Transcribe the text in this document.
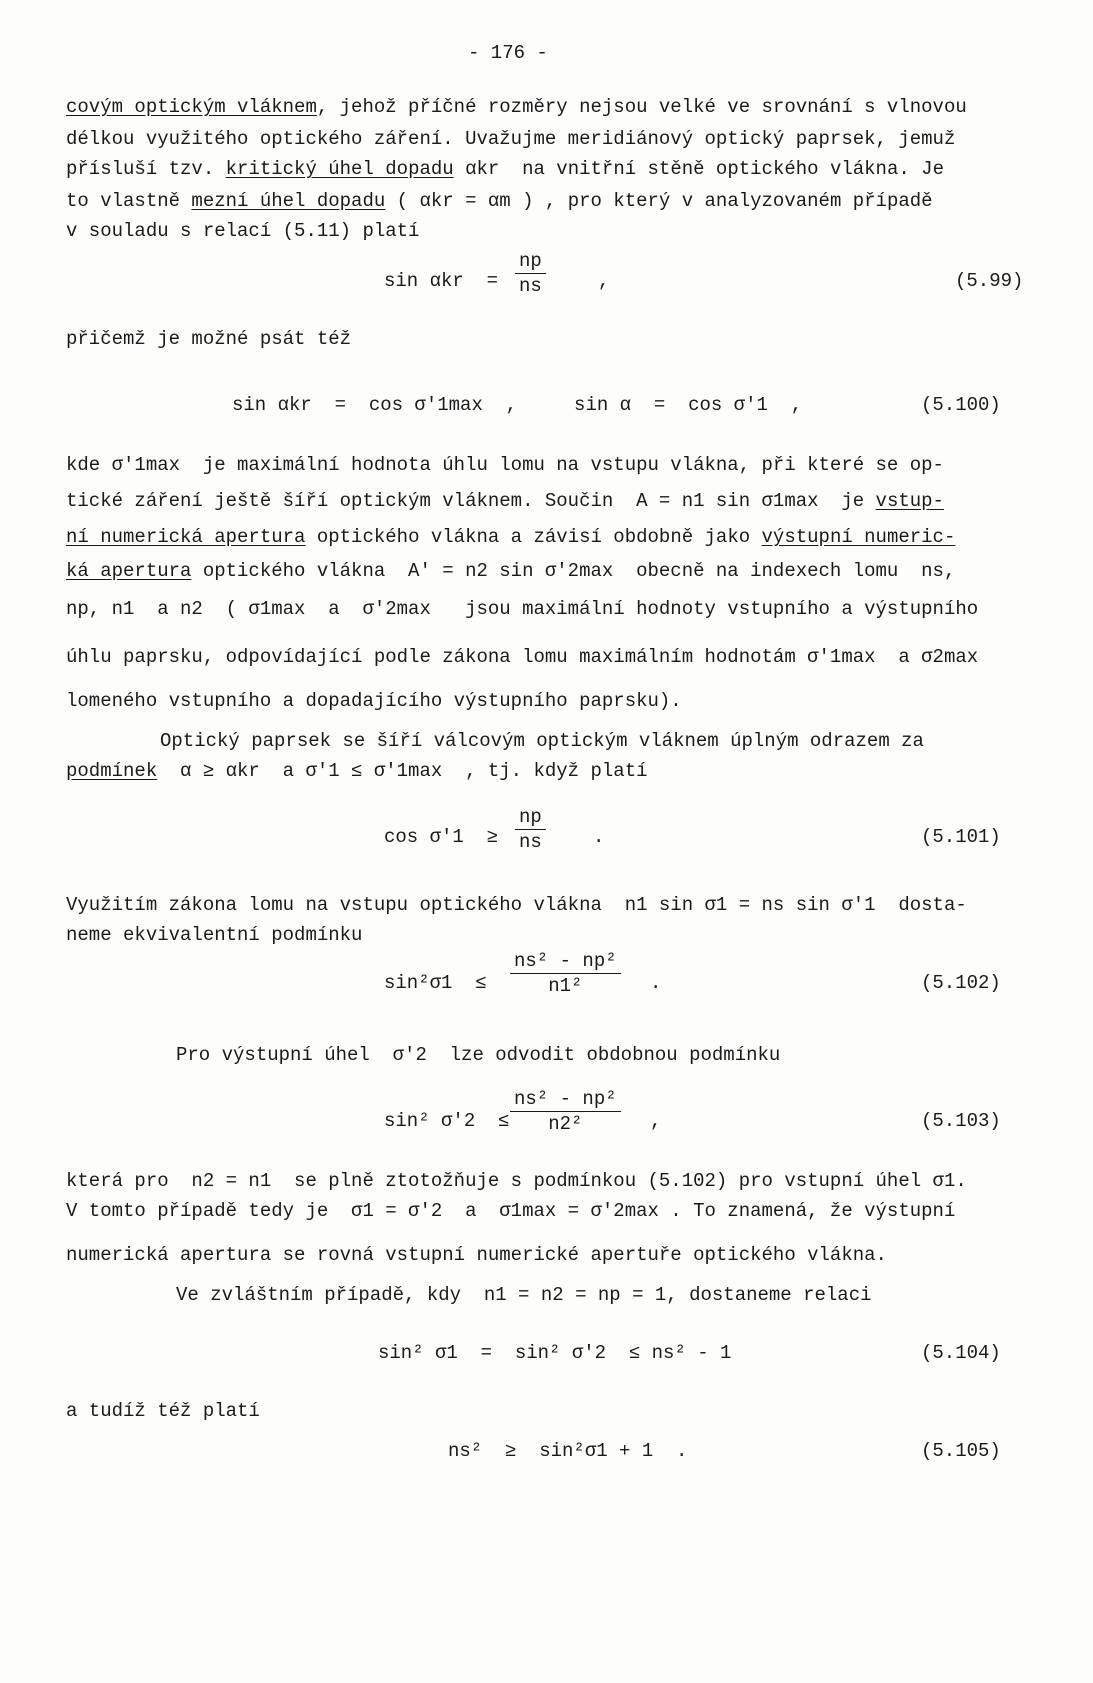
- 176 -
covým optickým vláknem, jehož příčné rozměry nejsou velké ve srovnání s vlnovou
délkou využitého optického záření. Uvažujme meridiánový optický paprsek, jemuž
přísluší tzv. kritický úhel dopadu αkr  na vnitřní stěně optického vlákna. Je
to vlastně mezní úhel dopadu ( αkr = αm ) , pro který v analyzovaném případě
v souladu s relací (5.11) platí
sin αkr  =
np
ns	,	(5.99)
přičemž je možné psát též
sin αkr  =  cos σ'1max  ,     sin α  =  cos σ'1  ,	(5.100)
kde σ'1max  je maximální hodnota úhlu lomu na vstupu vlákna, při které se op-
tické záření ještě šíří optickým vláknem. Součin  A = n1 sin σ1max  je vstup-
ní numerická apertura optického vlákna a závisí obdobně jako výstupní numeric-
ká apertura optického vlákna  A' = n2 sin σ'2max  obecně na indexech lomu  ns,
np, n1  a n2  ( σ1max  a  σ'2max   jsou maximální hodnoty vstupního a výstupního
úhlu paprsku, odpovídající podle zákona lomu maximálním hodnotám σ'1max  a σ2max
lomeného vstupního a dopadajícího výstupního paprsku).
Optický paprsek se šíří válcovým optickým vláknem úplným odrazem za
podmínek  α ≥ αkr  a σ'1 ≤ σ'1max  , tj. když platí
cos σ'1  ≥
np
ns	.	(5.101)
Využitím zákona lomu na vstupu optického vlákna  n1 sin σ1 = ns sin σ'1  dosta-
neme ekvivalentní podmínku
sin²σ1  ≤
ns² - np²
n1²	.	(5.102)
Pro výstupní úhel  σ'2  lze odvodit obdobnou podmínku
sin² σ'2  ≤
ns² - np²
n2²	,	(5.103)
která pro  n2 = n1  se plně ztotožňuje s podmínkou (5.102) pro vstupní úhel σ1.
V tomto případě tedy je  σ1 = σ'2  a  σ1max = σ'2max . To znamená, že výstupní
numerická apertura se rovná vstupní numerické apertuře optického vlákna.
Ve zvláštním případě, kdy  n1 = n2 = np = 1, dostaneme relaci
sin² σ1  =  sin² σ'2  ≤ ns² - 1	(5.104)
a tudíž též platí
ns²  ≥  sin²σ1 + 1  .	(5.105)
